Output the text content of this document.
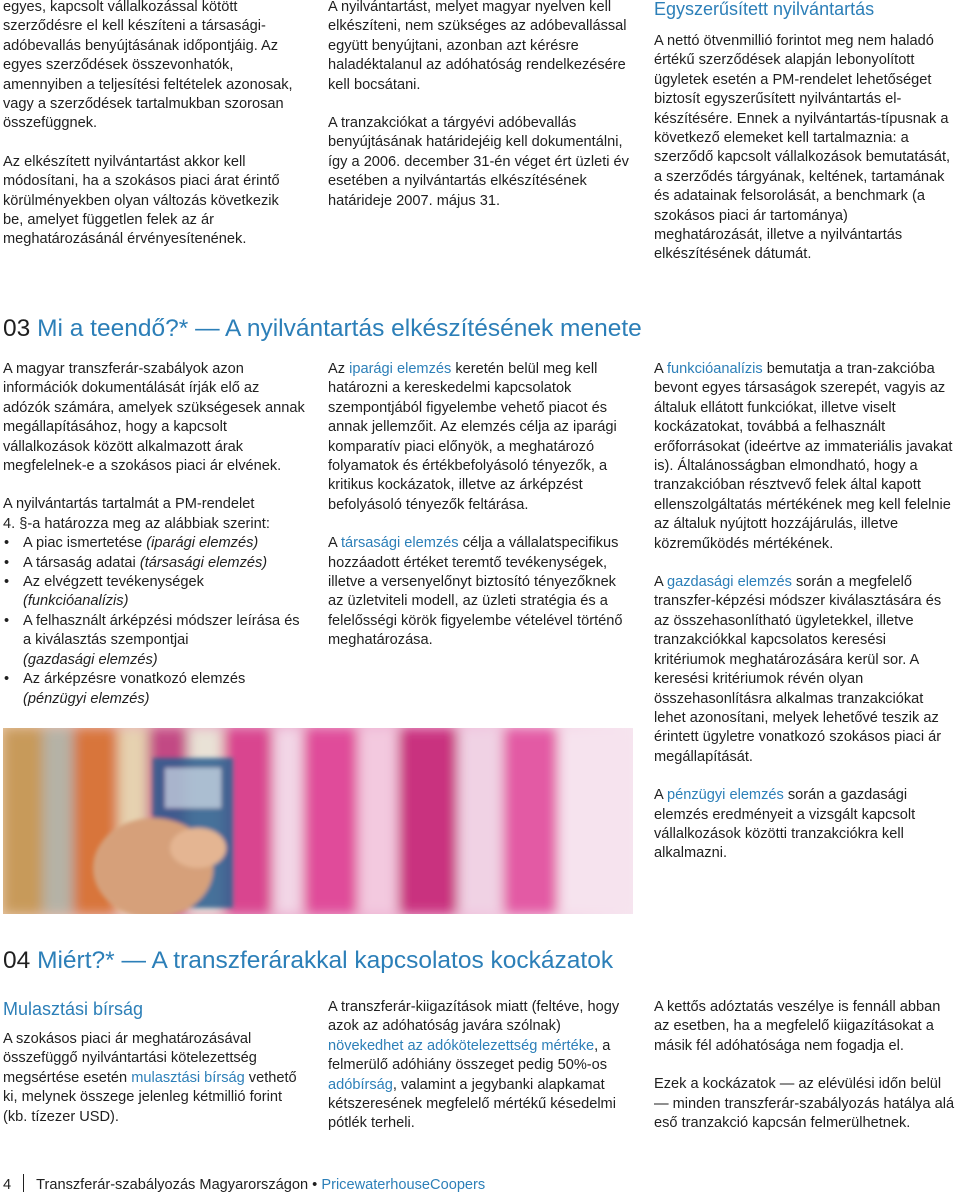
egyes, kapcsolt vállalkozással kötött szerződésre el kell készíteni a társasági-adóbevallás benyújtásának időpontjáig. Az egyes szerződések összevonhatók, amennyiben a teljesítési feltételek azonosak, vagy a szerződések tartalmukban szorosan összefüggnek.

Az elkészített nyilvántartást akkor kell módosítani, ha a szokásos piaci árat érintő körülményekben olyan változás következik be, amelyet független felek az ár meghatározásánál érvényesítenének.

A nyilvántartást, melyet magyar nyelven kell elkészíteni, nem szükséges az adóbevallással együtt benyújtani, azonban azt kérésre haladéktalanul az adóhatóság rendelkezésére kell bocsátani.

A tranzakciókat a tárgyévi adóbevallás benyújtásának határidejéig kell dokumentálni, így a 2006. december 31-én véget ért üzleti év esetében a nyilvántartás elkészítésének határideje 2007. május 31.

Egyszerűsített nyilvántartás

A nettó ötvenmillió forintot meg nem haladó értékű szerződések alapján lebonyolított ügyletek esetén a PM-rendelet lehetőséget biztosít egyszerűsített nyilvántartás el-készítésére. Ennek a nyilvántartás-típusnak a következő elemeket kell tartalmaznia: a szerződő kapcsolt vállalkozások bemutatását, a szerződés tárgyának, keltének, tartamának és adatainak felsorolását, a benchmark (a szokásos piaci ár tartománya) meghatározását, illetve a nyilvántartás elkészítésének dátumát.

03 Mi a teendő?* — A nyilvántartás elkészítésének menete

A magyar transzferár-szabályok azon információk dokumentálását írják elő az adózók számára, amelyek szükségesek annak megállapításához, hogy a kapcsolt vállalkozások között alkalmazott árak megfelelnek-e a szokásos piaci ár elvének.

A nyilvántartás tartalmát a PM-rendelet

4. §-a határozza meg az alábbiak szerint:

• A piac ismertetése (iparági elemzés)
• A társaság adatai (társasági elemzés)
• Az elvégzett tevékenységek
(funkcióanalízis)
• A felhasznált árképzési módszer leírása és a kiválasztás szempontjai
(gazdasági elemzés)
• Az árképzésre vonatkozó elemzés
(pénzügyi elemzés)

Az iparági elemzés keretén belül meg kell határozni a kereskedelmi kapcsolatok szempontjából figyelembe vehető piacot és annak jellemzőit. Az elemzés célja az iparági komparatív piaci előnyök, a meghatározó folyamatok és értékbefolyásoló tényezők, a kritikus kockázatok, illetve az árképzést befolyásoló tényezők feltárása.

A társasági elemzés célja a vállalatspecifikus hozzáadott értéket teremtő tevékenységek, illetve a versenyelőnyt biztosító tényezőknek az üzletviteli modell, az üzleti stratégia és a felelősségi körök figyelembe vételével történő meghatározása.

A funkcióanalízis bemutatja a tran-zakcióba bevont egyes társaságok szerepét, vagyis az általuk ellátott funkciókat, illetve viselt kockázatokat, továbbá a felhasznált erőforrásokat (ideértve az immateriális javakat is). Általánosságban elmondható, hogy a tranzakcióban résztvevő felek által kapott ellenszolgáltatás mértékének meg kell felelnie az általuk nyújtott hozzájárulás, illetve közreműködés mértékének.

A gazdasági elemzés során a megfelelő transzfer-képzési módszer kiválasztására és az összehasonlítható ügyletekkel, illetve tranzakciókkal kapcsolatos keresési kritériumok meghatározására kerül sor. A keresési kritériumok révén olyan összehasonlításra alkalmas tranzakciókat lehet azonosítani, melyek lehetővé teszik az érintett ügyletre vonatkozó szokásos piaci ár megállapítását.

A pénzügyi elemzés során a gazdasági elemzés eredményeit a vizsgált kapcsolt vállalkozások közötti tranzakciókra kell alkalmazni.

04 Miért?* — A transzferárakkal kapcsolatos kockázatok
Mulasztási bírság

A szokásos piaci ár meghatározásával összefüggő nyilvántartási kötelezettség megsértése esetén mulasztási bírság vethető ki, melynek összege jelenleg kétmillió forint (kb. tízezer USD).

A transzferár-kiigazítások miatt (feltéve, hogy azok az adóhatóság javára szólnak) növekedhet az adókötelezettség mértéke, a felmerülő adóhiány összeget pedig 50%-os adóbírság, valamint a jegybanki alapkamat kétszeresének megfelelő mértékű késedelmi pótlék terheli.

A kettős adóztatás veszélye is fennáll abban az esetben, ha a megfelelő kiigazításokat a másik fél adóhatósága nem fogadja el.

Ezek a kockázatok — az elévülési időn belül — minden transzferár-szabályozás hatálya alá eső tranzakció kapcsán felmerülhetnek.

4 Transzferár-szabályozás Magyarországon • PricewaterhouseCoopers
